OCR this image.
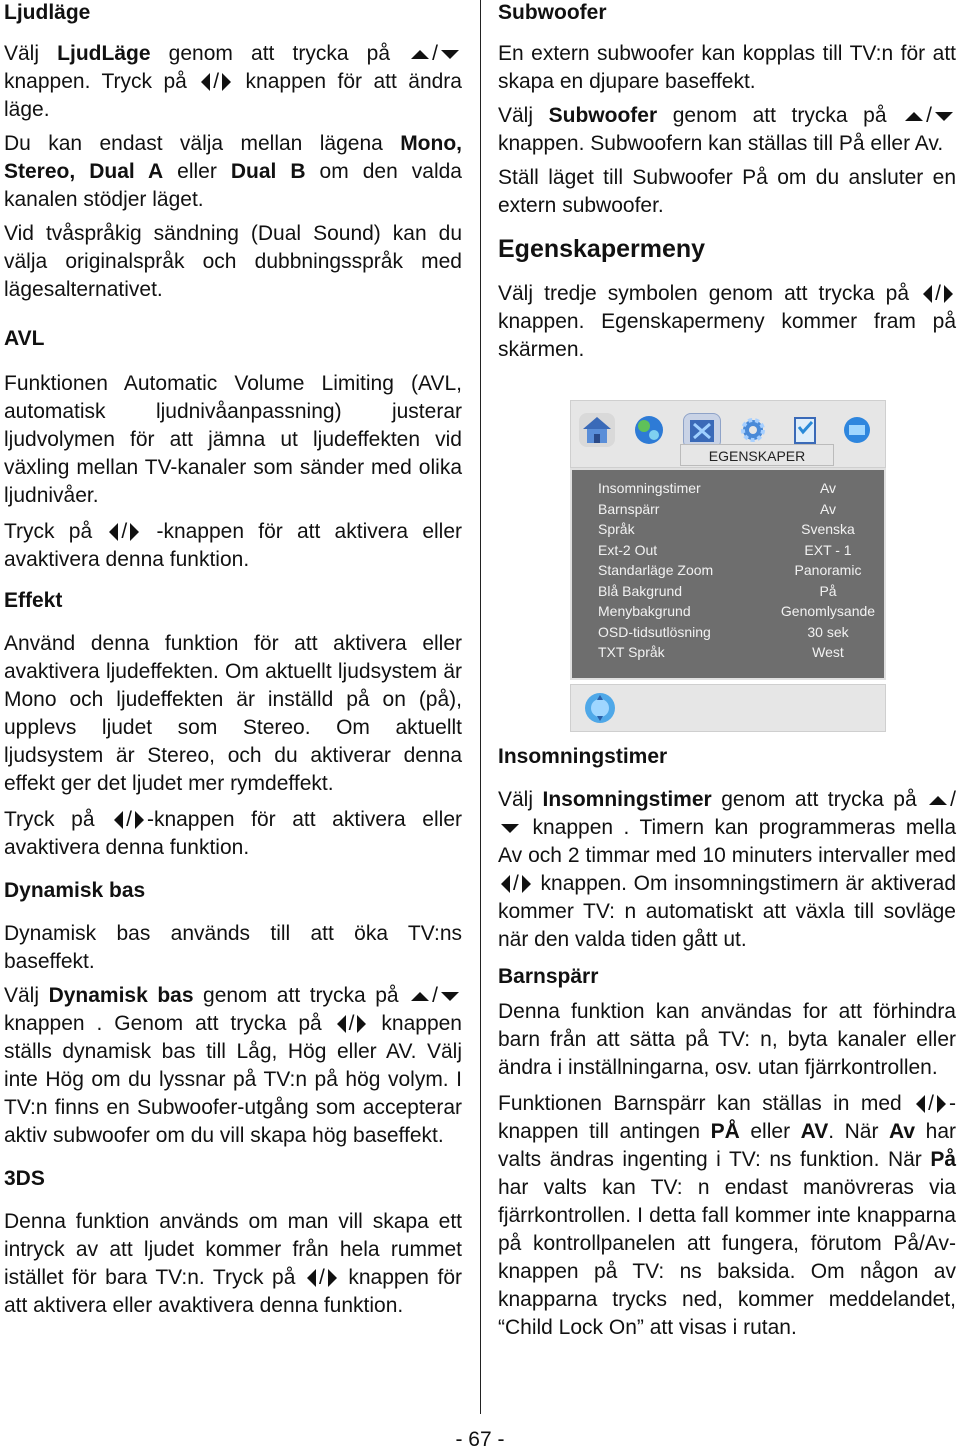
Ljudläge

Välj LjudLäge genom att trycka på / knappen. Tryck på / knappen för att ändra läge.

Du kan endast välja mellan lägena Mono, Stereo, Dual A eller Dual B om den valda kanalen stödjer läget.

Vid tvåspråkig sändning (Dual Sound) kan du välja originalspråk och dubbningsspråk med lägesalternativet.

AVL

Funktionen Automatic Volume Limiting (AVL, automatisk ljudnivåanpassning) justerar ljudvolymen för att jämna ut ljudeffekten vid växling mellan TV-kanaler som sänder med olika ljudnivåer.

Tryck på / -knappen för att aktivera eller avaktivera denna funktion.

Effekt

Använd denna funktion för att aktivera eller avaktivera ljudeffekten. Om aktuellt ljudsystem är Mono och ljudeffekten är inställd på on (på), upplevs ljudet som Stereo. Om aktuellt ljudsystem är Stereo, och du aktiverar denna effekt ger det ljudet mer rymdeffekt.

Tryck på / -knappen för att aktivera eller avaktivera denna funktion.

Dynamisk bas

Dynamisk bas används till att öka TV:ns baseffekt.

Välj Dynamisk bas genom att trycka på / knappen . Genom att trycka på / knappen ställs dynamisk bas till Låg, Hög eller AV. Välj inte Hög om du lyssnar på TV:n på hög volym. I TV:n finns en Subwoofer-utgång som accepterar aktiv subwoofer om du vill skapa hög baseffekt.

3DS

Denna funktion används om man vill skapa ett intryck av att ljudet kommer från hela rummet istället för bara TV:n. Tryck på / knappen för att aktivera eller avaktivera denna funktion.

Subwoofer

En extern subwoofer kan kopplas till TV:n för att skapa en djupare baseffekt.

Välj Subwoofer genom att trycka på / knappen. Subwoofern kan ställas till På eller Av.

Ställ läget till Subwoofer På om du ansluter en extern subwoofer.

Egenskapermeny

Välj tredje symbolen genom att trycka på / knappen. Egenskapermeny kommer fram på skärmen.

EGENSKAPER
Insomningstimer	Av
Barnspärr	Av
Språk	Svenska
Ext-2 Out	EXT - 1
Standarläge Zoom	Panoramic
Blå Bakgrund	På
Menybakgrund	Genomlysande
OSD-tidsutlösning	30 sek
TXT Språk	West
Insomningstimer

Välj Insomningstimer genom att trycka på / knappen . Timern kan programmeras mella Av och 2 timmar med 10 minuters intervaller med / knappen. Om insomningstimern är aktiverad kommer TV: n automatiskt att växla till sovläge när den valda tiden gått ut.

Barnspärr

Denna funktion kan användas for att förhindra barn från att sätta på TV: n, byta kanaler eller ändra i inställningarna, osv. utan fjärrkontrollen.

Funktionen Barnspärr kan ställas in med / -knappen till antingen PÅ eller AV. När Av har valts ändras ingenting i TV: ns funktion. När På har valts kan TV: n endast manövreras via fjärrkontrollen. I detta fall kommer inte knapparna på kontrollpanelen att fungera, förutom På/Av-knappen på TV: ns baksida. Om någon av knapparna trycks ned, kommer meddelandet, “Child Lock On” att visas i rutan.

- 67 -
